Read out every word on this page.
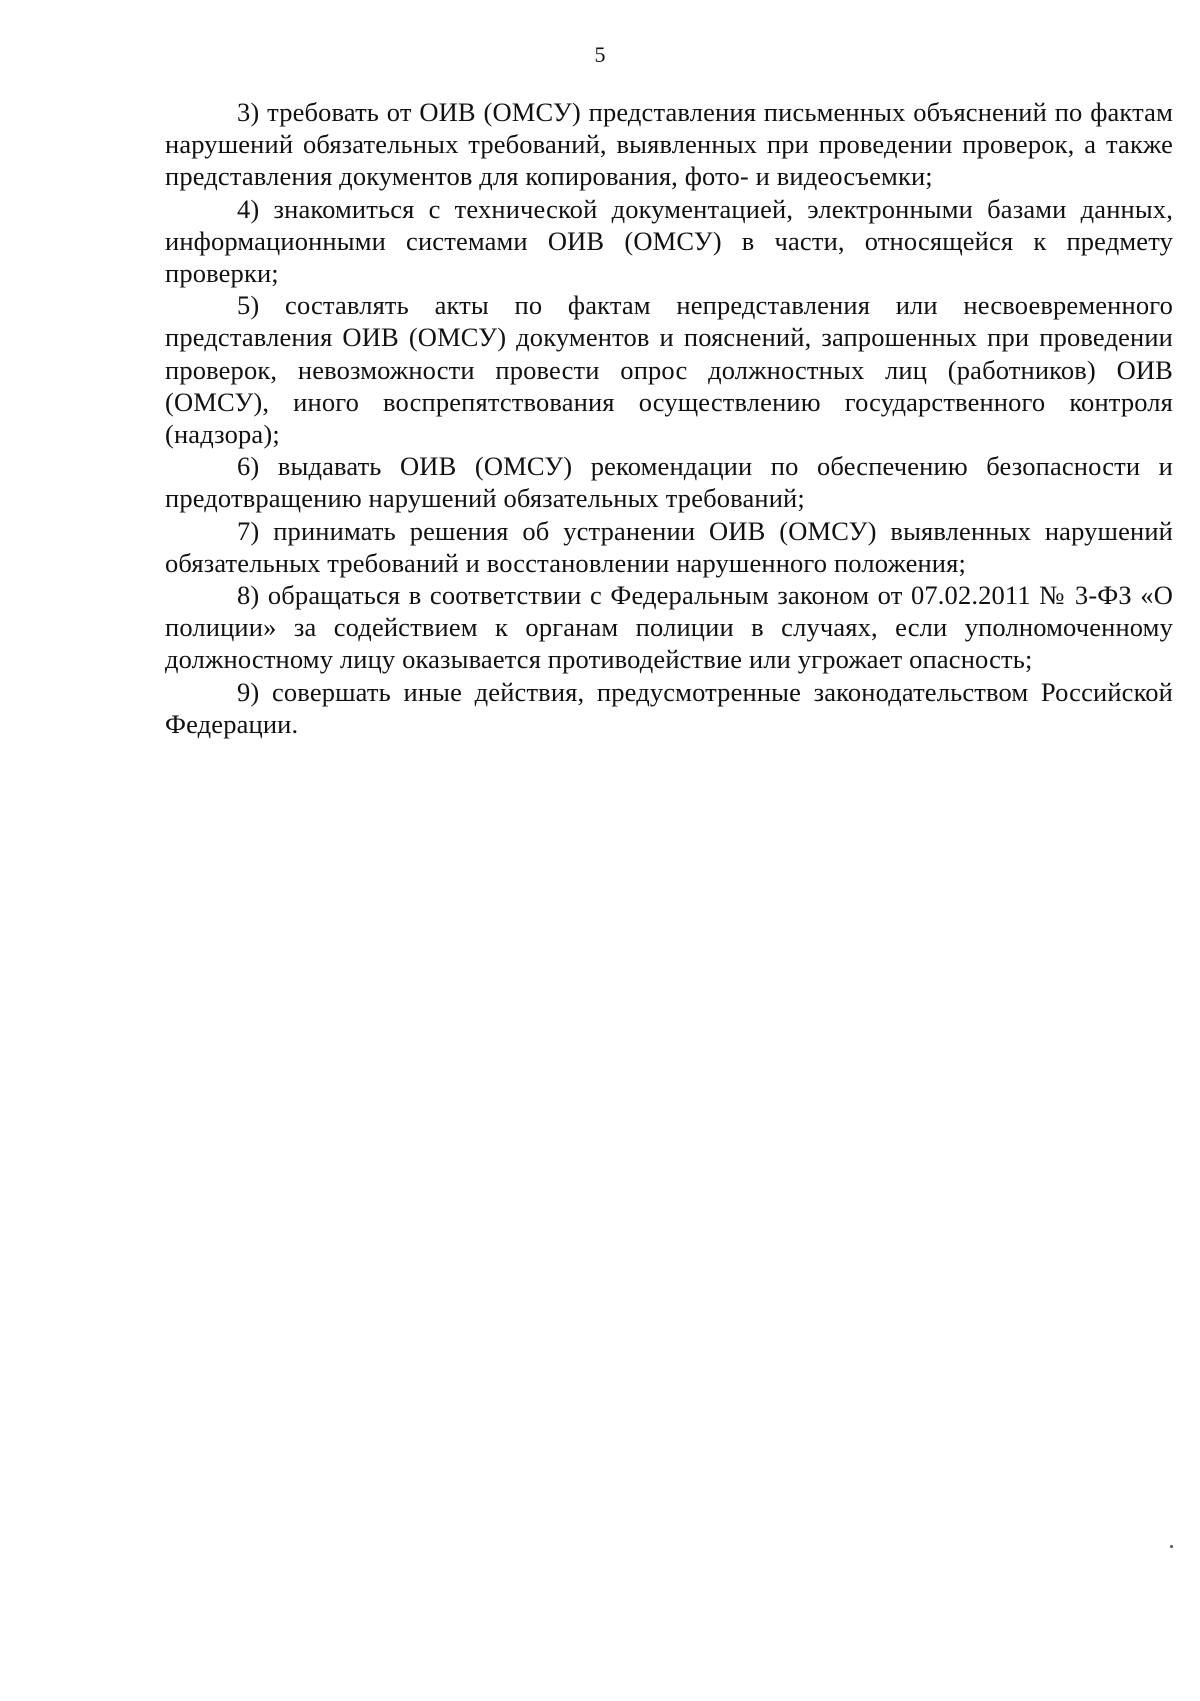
5

3) требовать от ОИВ (ОМСУ) представления письменных объяснений по фактам нарушений обязательных требований, выявленных при проведении проверок, а также представления документов для копирования, фото- и видеосъемки;

4) знакомиться с технической документацией, электронными базами данных, информационными системами ОИВ (ОМСУ) в части, относящейся к предмету проверки;

5) составлять акты по фактам непредставления или несвоевременного представления ОИВ (ОМСУ) документов и пояснений, запрошенных при проведении проверок, невозможности провести опрос должностных лиц (работников) ОИВ (ОМСУ), иного воспрепятствования осуществлению государственного контроля (надзора);

6) выдавать ОИВ (ОМСУ) рекомендации по обеспечению безопасности и предотвращению нарушений обязательных требований;

7) принимать решения об устранении ОИВ (ОМСУ) выявленных нарушений обязательных требований и восстановлении нарушенного положения;

8) обращаться в соответствии с Федеральным законом от 07.02.2011 № 3-ФЗ «О полиции» за содействием к органам полиции в случаях, если уполномоченному должностному лицу оказывается противодействие или угрожает опасность;

9) совершать иные действия, предусмотренные законодательством Российской Федерации.
